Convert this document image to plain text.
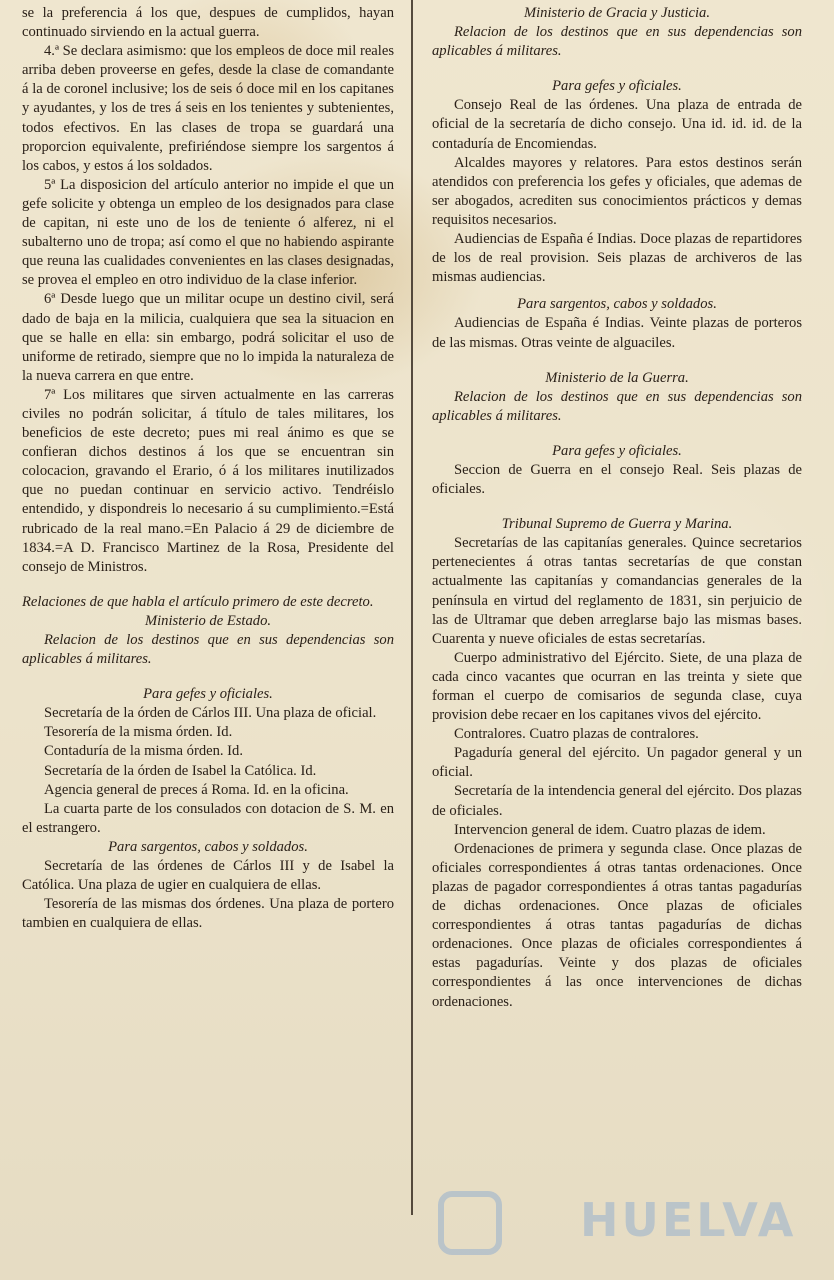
se la preferencia á los que, despues de cumplidos, hayan continuado sirviendo en la actual guerra.

4.ª Se declara asimismo: que los empleos de doce mil reales arriba deben proveerse en gefes, desde la clase de comandante á la de coronel inclusive; los de seis ó doce mil en los capitanes y ayudantes, y los de tres á seis en los tenientes y subtenientes, todos efectivos. En las clases de tropa se guardará una proporcion equivalente, prefiriéndose siempre los sargentos á los cabos, y estos á los soldados.

5ª La disposicion del artículo anterior no impide el que un gefe solicite y obtenga un empleo de los designados para clase de capitan, ni este uno de los de teniente ó alferez, ni el subalterno uno de tropa; así como el que no habiendo aspirante que reuna las cualidades convenientes en las clases designadas, se provea el empleo en otro individuo de la clase inferior.

6ª Desde luego que un militar ocupe un destino civil, será dado de baja en la milicia, cualquiera que sea la situacion en que se halle en ella: sin embargo, podrá solicitar el uso de uniforme de retirado, siempre que no lo impida la naturaleza de la nueva carrera en que entre.

7ª Los militares que sirven actualmente en las carreras civiles no podrán solicitar, á título de tales militares, los beneficios de este decreto; pues mi real ánimo es que se confieran dichos destinos á los que se encuentran sin colocacion, gravando el Erario, ó á los militares inutilizados que no puedan continuar en servicio activo. Tendréislo entendido, y dispondreis lo necesario á su cumplimiento.=Está rubricado de la real mano.=En Palacio á 29 de diciembre de 1834.=A D. Francisco Martinez de la Rosa, Presidente del consejo de Ministros.

Relaciones de que habla el artículo primero de este decreto.

Ministerio de Estado.

Relacion de los destinos que en sus dependencias son aplicables á militares.

Para gefes y oficiales.

Secretaría de la órden de Cárlos III. Una plaza de oficial.

Tesorería de la misma órden. Id.

Contaduría de la misma órden. Id.

Secretaría de la órden de Isabel la Católica. Id.

Agencia general de preces á Roma. Id. en la oficina.

La cuarta parte de los consulados con dotacion de S. M. en el estrangero.

Para sargentos, cabos y soldados.

Secretaría de las órdenes de Cárlos III y de Isabel la Católica. Una plaza de ugier en cualquiera de ellas.

Tesorería de las mismas dos órdenes. Una plaza de portero tambien en cualquiera de ellas.

Ministerio de Gracia y Justicia.

Relacion de los destinos que en sus dependencias son aplicables á militares.

Para gefes y oficiales.

Consejo Real de las órdenes. Una plaza de entrada de oficial de la secretaría de dicho consejo. Una id. id. id. de la contaduría de Encomiendas.

Alcaldes mayores y relatores. Para estos destinos serán atendidos con preferencia los gefes y oficiales, que ademas de ser abogados, acrediten sus conocimientos prácticos y demas requisitos necesarios.

Audiencias de España é Indias. Doce plazas de repartidores de los de real provision. Seis plazas de archiveros de las mismas audiencias.

Para sargentos, cabos y soldados.

Audiencias de España é Indias. Veinte plazas de porteros de las mismas. Otras veinte de alguaciles.

Ministerio de la Guerra.

Relacion de los destinos que en sus dependencias son aplicables á militares.

Para gefes y oficiales.

Seccion de Guerra en el consejo Real. Seis plazas de oficiales.

Tribunal Supremo de Guerra y Marina.

Secretarías de las capitanías generales. Quince secretarios pertenecientes á otras tantas secretarías de que constan actualmente las capitanías y comandancias generales de la península en virtud del reglamento de 1831, sin perjuicio de las de Ultramar que deben arreglarse bajo las mismas bases. Cuarenta y nueve oficiales de estas secretarías.

Cuerpo administrativo del Ejército. Siete, de una plaza de cada cinco vacantes que ocurran en las treinta y siete que forman el cuerpo de comisarios de segunda clase, cuya provision debe recaer en los capitanes vivos del ejército.

Contralores. Cuatro plazas de contralores.

Pagaduría general del ejército. Un pagador general y un oficial.

Secretaría de la intendencia general del ejército. Dos plazas de oficiales.

Intervencion general de idem. Cuatro plazas de idem.

Ordenaciones de primera y segunda clase. Once plazas de oficiales correspondientes á otras tantas ordenaciones. Once plazas de pagador correspondientes á otras tantas pagadurías de dichas ordenaciones. Once plazas de oficiales correspondientes á otras tantas pagadurías de dichas ordenaciones. Once plazas de oficiales correspondientes á estas pagadurías. Veinte y dos plazas de oficiales correspondientes á las once intervenciones de dichas ordenaciones.

HUELVA
